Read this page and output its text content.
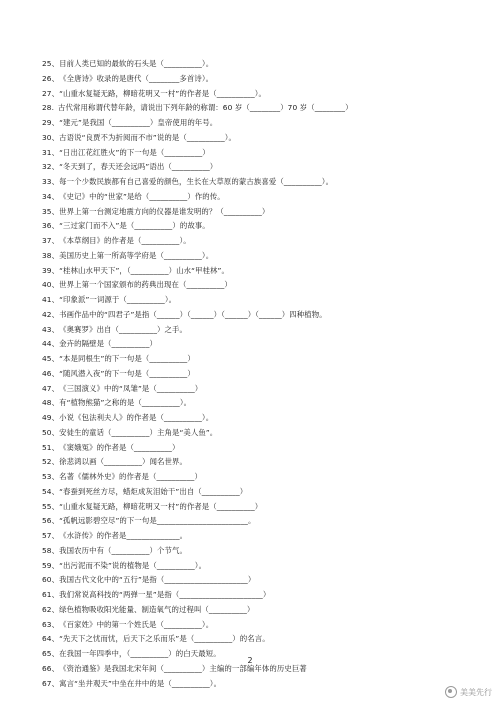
25、目前人类已知的最软的石头是（__________）。
26、《全唐诗》收录的是唐代（________多首诗）。
27、“山重水复疑无路，柳暗花明又一村”的作者是（__________）。
28. 古代常用称谓代替年龄，请说出下列年龄的称谓：60 岁（________）70 岁（________）
29、“建元”是我国（__________）皇帝使用的年号。
30、古语说“良贾不为折阅而不市”说的是（__________）。
31、“日出江花红胜火”的下一句是（__________）
32、“冬天到了，春天还会远吗”语出（__________）
33、每一个少数民族都有自己喜爱的颜色，生长在大草原的蒙古族喜爱（__________）。
34、《史记》中的“世家”是给（__________）作的传。
35、世界上第一台测定地震方向的仪器是谁发明的？（__________）
36、“三过家门而不入”是（__________）的故事。
37、《本草纲目》的作者是（__________）。
38、美国历史上第一所高等学府是（__________）。
39、“桂林山水甲天下”，（__________）山水“甲桂林”。
40、世界上第一个国家颁布的药典出现在（__________）
41、“印象派”一词源于（__________）。
42、书画作品中的“四君子”是指（______）（______）（______）（______）四种植物。
43、《奥赛罗》出自（__________）之手。
44、金卉的隔壁是（__________）
45、“本是同根生”的下一句是（__________）
46、“随风潜入夜”的下一句是（__________）
47、《三国演义》中的“凤雏”是（__________）
48、有“植物熊猫”之称的是（__________）。
49、小说《包法利夫人》的作者是（__________）。
50、安徒生的童话（__________）主角是“美人鱼”。
51、《窦娥冤》的作者是（__________）
52、徐悲鸿以画（__________）闻名世界。
53、名著《儒林外史》的作者是（__________）
54、“春蚕到死丝方尽，蜡炬成灰泪始干”出自（__________）
55、“山重水复疑无路，柳暗花明又一村”的作者是（__________）
56、“孤帆远影碧空尽”的下一句是________________________。
57、《水浒传》的作者是______________。
58、我国农历中有（__________）个节气。
59、“出污泥而不染”说的植物是（__________）。
60、我国古代文化中的“五行”是指（______________________）
61、我们常说高科技的“两弹一星”是指（______________________）
62、绿色植物吸收阳光能量、制造氧气的过程叫（__________）
63、《百家姓》中的第一个姓氏是（__________）。
64、“先天下之忧而忧，后天下之乐而乐”是（__________）的名言。
65、在我国一年四季中，（__________）的白天最短。
66、《资治通鉴》是我国北宋年间（__________）主编的一部编年体的历史巨著
67、寓言“坐井观天”中坐在井中的是（__________）。
2
美美先行
